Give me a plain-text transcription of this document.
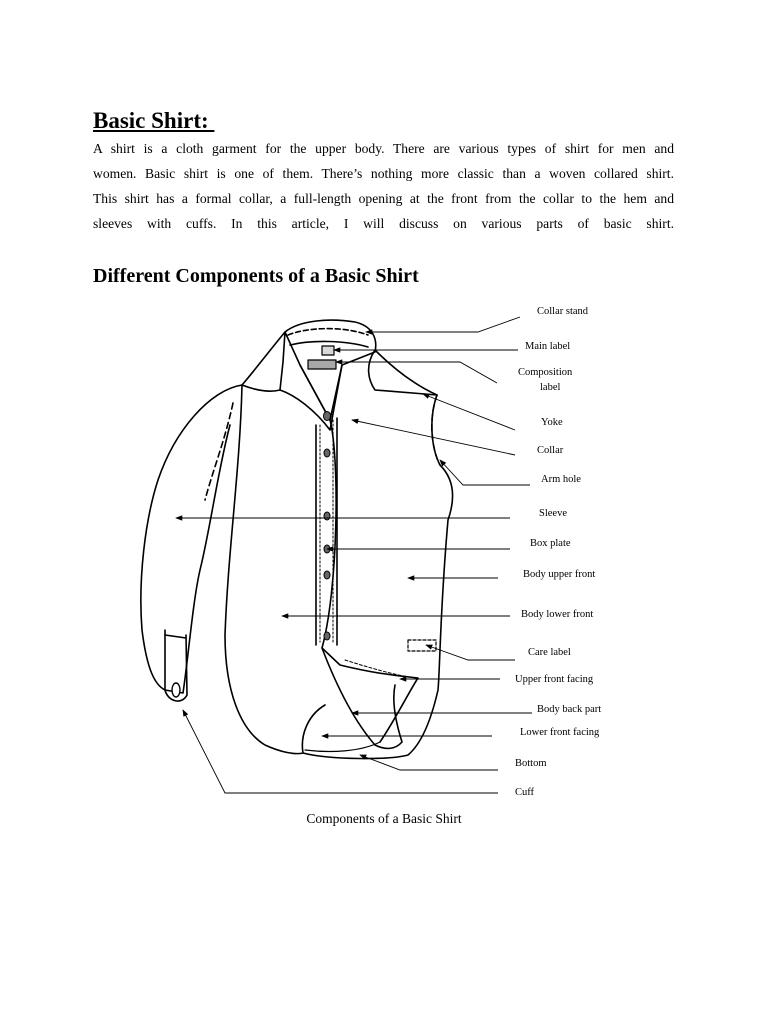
Basic Shirt:

A shirt is a cloth garment for the upper body. There are various types of shirt for men and
women. Basic shirt is one of them. There’s nothing more classic than a woven collared shirt.
This shirt has a formal collar, a full-length opening at the front from the collar to the hem and
sleeves with cuffs. In this article, I will discuss on various parts of basic shirt.

Different Components of a Basic Shirt
Collar stand
Main label
Composition
label
Yoke
Collar
Arm hole
Sleeve
Box plate
Body upper front
Body lower front
Care label
Upper front facing
Body back part
Lower front facing
Bottom
Cuff

Components of a Basic Shirt
